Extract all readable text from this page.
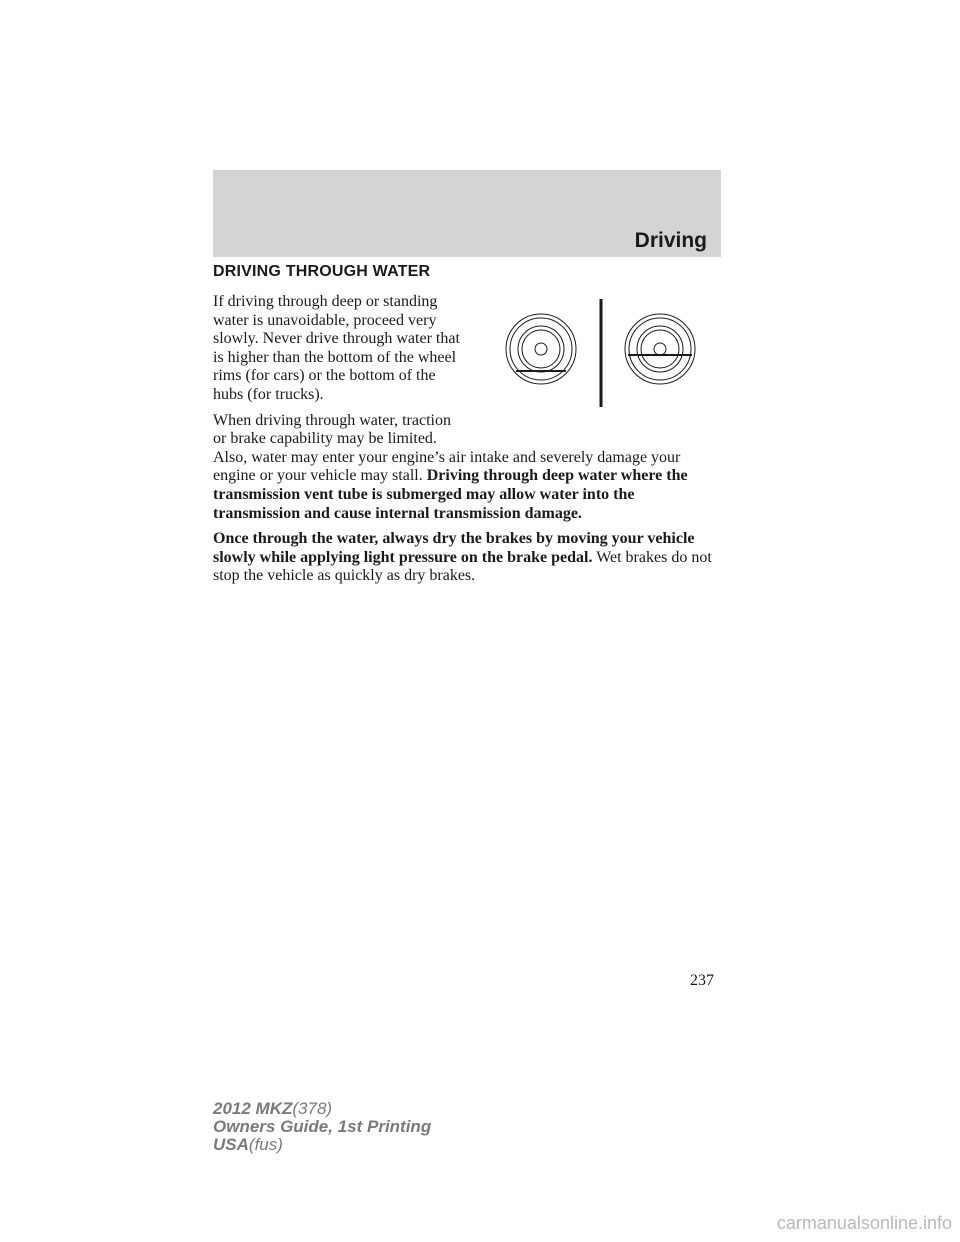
Driving
DRIVING THROUGH WATER

If driving through deep or standing water is unavoidable, proceed very slowly. Never drive through water that is higher than the bottom of the wheel rims (for cars) or the bottom of the hubs (for trucks).

When driving through water, traction or brake capability may be limited.
Also, water may enter your engine’s air intake and severely damage your engine or your vehicle may stall. Driving through deep water where the transmission vent tube is submerged may allow water into the transmission and cause internal transmission damage.

Once through the water, always dry the brakes by moving your vehicle slowly while applying light pressure on the brake pedal. Wet brakes do not stop the vehicle as quickly as dry brakes.

237
2012 MKZ(378)
Owners Guide, 1st Printing
USA(fus)
carmanualsonline.info
